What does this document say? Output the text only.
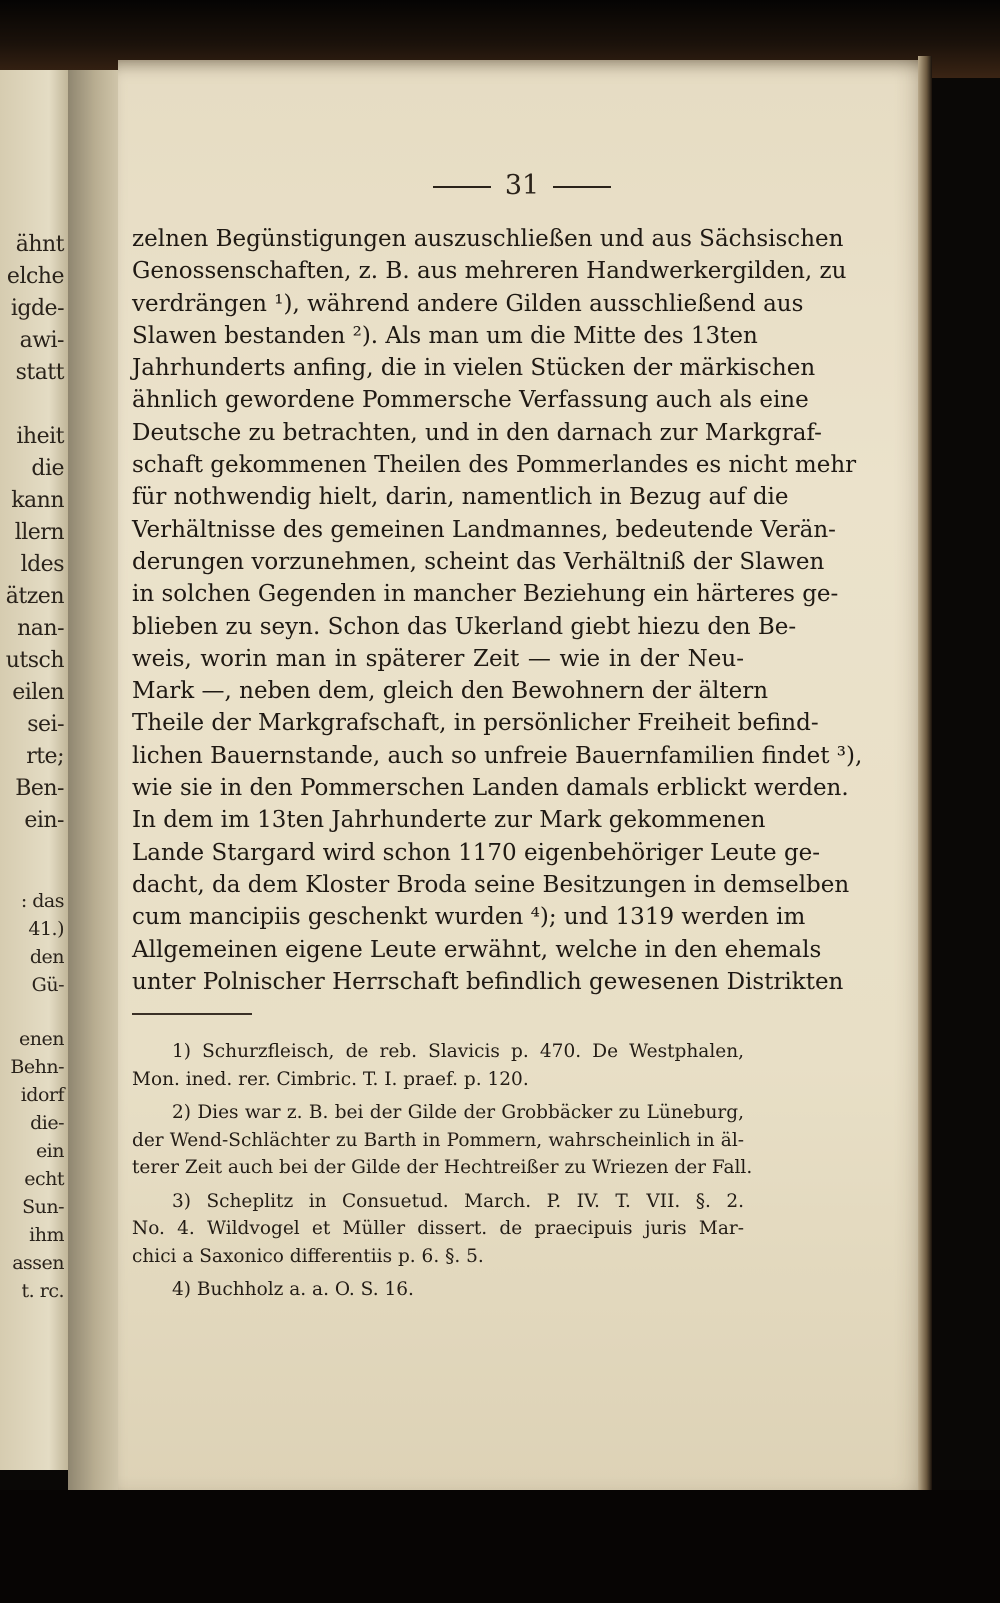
ähnt
elche
igde-
awi-
statt
iheit
die
kann
llern
ldes
ätzen
nan-
utsch
eilen
sei-
rte;
Ben-
ein-
: das
41.)
den
Gü-
enen
Behn-
idorf
die-
ein
echt
Sun-
ihm
assen
t. rc.
31
zelnen Begünstigungen auszuschließen und aus Sächsischen
Genossenschaften, z. B. aus mehreren Handwerkergilden, zu
verdrängen ¹), während andere Gilden ausschließend aus
Slawen bestanden ²). Als man um die Mitte des 13ten
Jahrhunderts anfing, die in vielen Stücken der märkischen
ähnlich gewordene Pommersche Verfassung auch als eine
Deutsche zu betrachten, und in den darnach zur Markgraf-
schaft gekommenen Theilen des Pommerlandes es nicht mehr
für nothwendig hielt, darin, namentlich in Bezug auf die
Verhältnisse des gemeinen Landmannes, bedeutende Verän-
derungen vorzunehmen, scheint das Verhältniß der Slawen
in solchen Gegenden in mancher Beziehung ein härteres ge-
blieben zu seyn. Schon das Ukerland giebt hiezu den Be-
weis, worin man in späterer Zeit — wie in der Neu-
Mark —, neben dem, gleich den Bewohnern der ältern
Theile der Markgrafschaft, in persönlicher Freiheit befind-
lichen Bauernstande, auch so unfreie Bauernfamilien findet ³),
wie sie in den Pommerschen Landen damals erblickt werden.
In dem im 13ten Jahrhunderte zur Mark gekommenen
Lande Stargard wird schon 1170 eigenbehöriger Leute ge-
dacht, da dem Kloster Broda seine Besitzungen in demselben
cum mancipiis geschenkt wurden ⁴); und 1319 werden im
Allgemeinen eigene Leute erwähnt, welche in den ehemals
unter Polnischer Herrschaft befindlich gewesenen Distrikten
1) Schurzfleisch, de reb. Slavicis p. 470. De Westphalen,
Mon. ined. rer. Cimbric. T. I. praef. p. 120.
2) Dies war z. B. bei der Gilde der Grobbäcker zu Lüneburg,
der Wend-Schlächter zu Barth in Pommern, wahrscheinlich in äl-
terer Zeit auch bei der Gilde der Hechtreißer zu Wriezen der Fall.
3) Scheplitz in Consuetud. March. P. IV. T. VII. §. 2.
No. 4. Wildvogel et Müller dissert. de praecipuis juris Mar-
chici a Saxonico differentiis p. 6. §. 5.
4) Buchholz a. a. O. S. 16.
